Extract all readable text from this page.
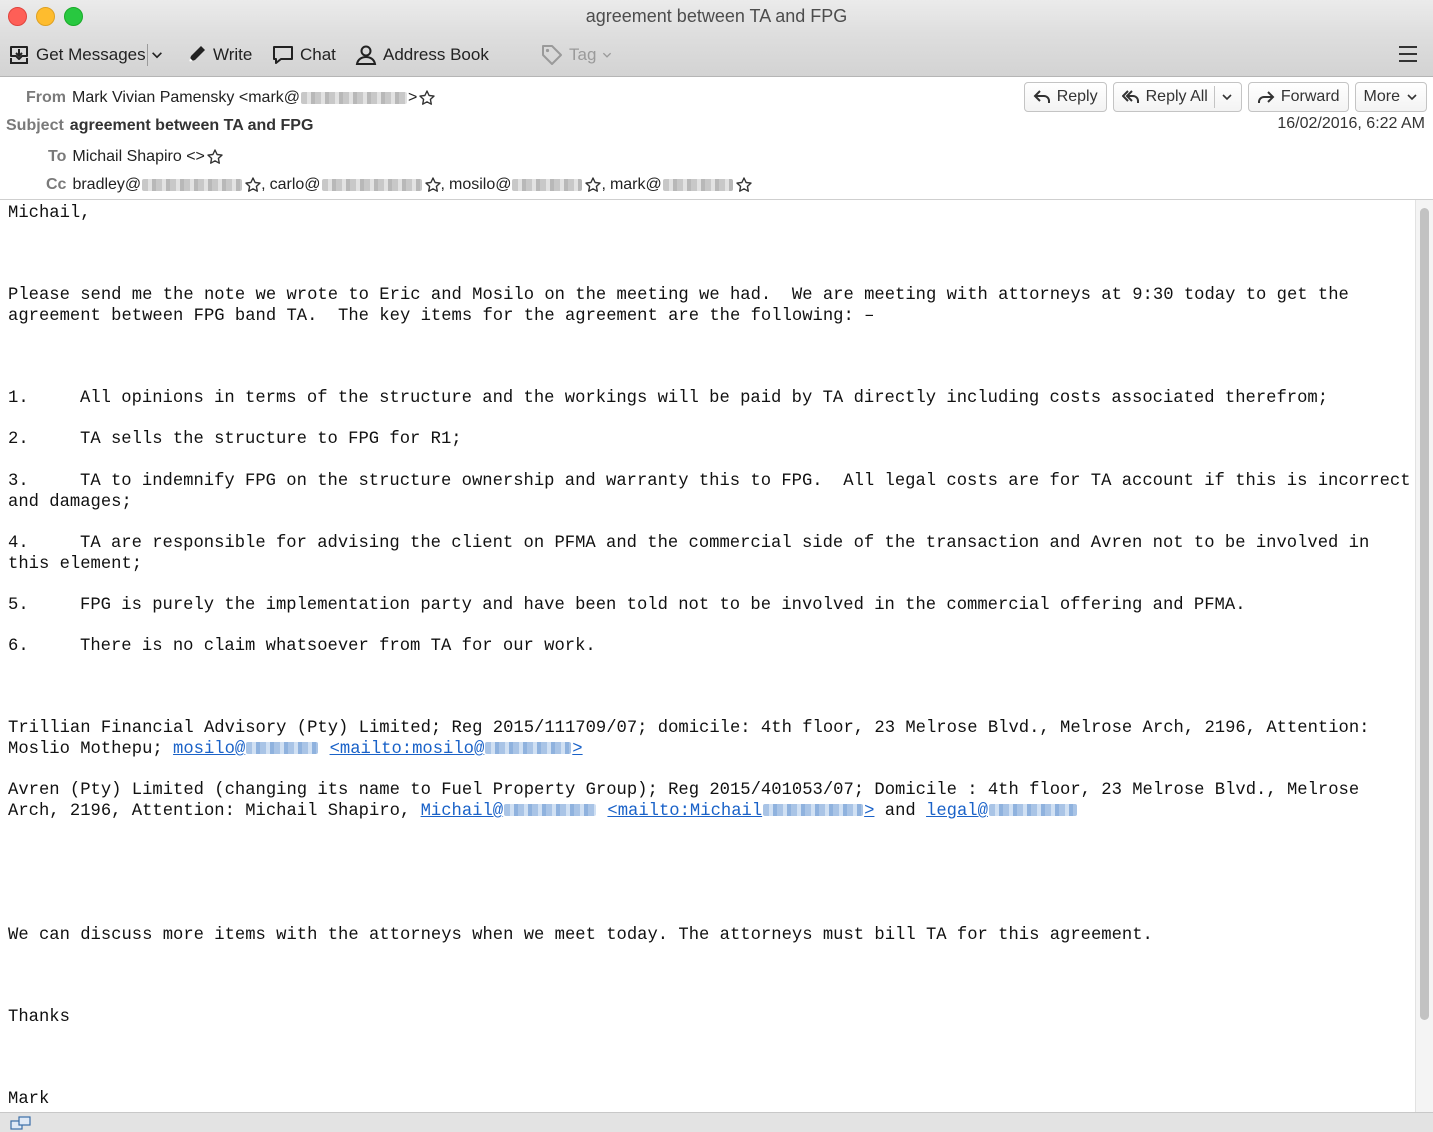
agreement between TA and FPG
Get Messages	Write	Chat	Address Book	Tag
From Mark Vivian Pamensky <mark@	>
Subject agreement between TA and FPG
To Michail Shapiro <>
Cc bradley@	, carlo@	, mosilo@	, mark@
Reply	Reply All	Forward More
16/02/2016, 6:22 AM

Michail,

Please send me the note we wrote to Eric and Mosilo on the meeting we had.  We are meeting with attorneys at 9:30 today to get the

agreement between FPG band TA.  The key items for the agreement are the following: –

1.	All opinions in terms of the structure and the workings will be paid by TA directly including costs associated therefrom;

2.	TA sells the structure to FPG for R1;

3.	TA to indemnify FPG on the structure ownership and warranty this to FPG.  All legal costs are for TA account if this is incorrect

and damages;

4.	TA are responsible for advising the client on PFMA and the commercial side of the transaction and Avren not to be involved in

this element;

5.	FPG is purely the implementation party and have been told not to be involved in the commercial offering and PFMA.

6.	There is no claim whatsoever from TA for our work.

Trillian Financial Advisory (Pty) Limited; Reg 2015/111709/07; domicile: 4th floor, 23 Melrose Blvd., Melrose Arch, 2196, Attention:

Moslio Mothepu; mosilo@	<mailto:mosilo@	>

Avren (Pty) Limited (changing its name to Fuel Property Group); Reg 2015/401053/07; Domicile : 4th floor, 23 Melrose Blvd., Melrose

Arch, 2196, Attention: Michail Shapiro, Michail@	<mailto:Michail	> and legal@

We can discuss more items with the attorneys when we meet today. The attorneys must bill TA for this agreement.

Thanks

Mark
